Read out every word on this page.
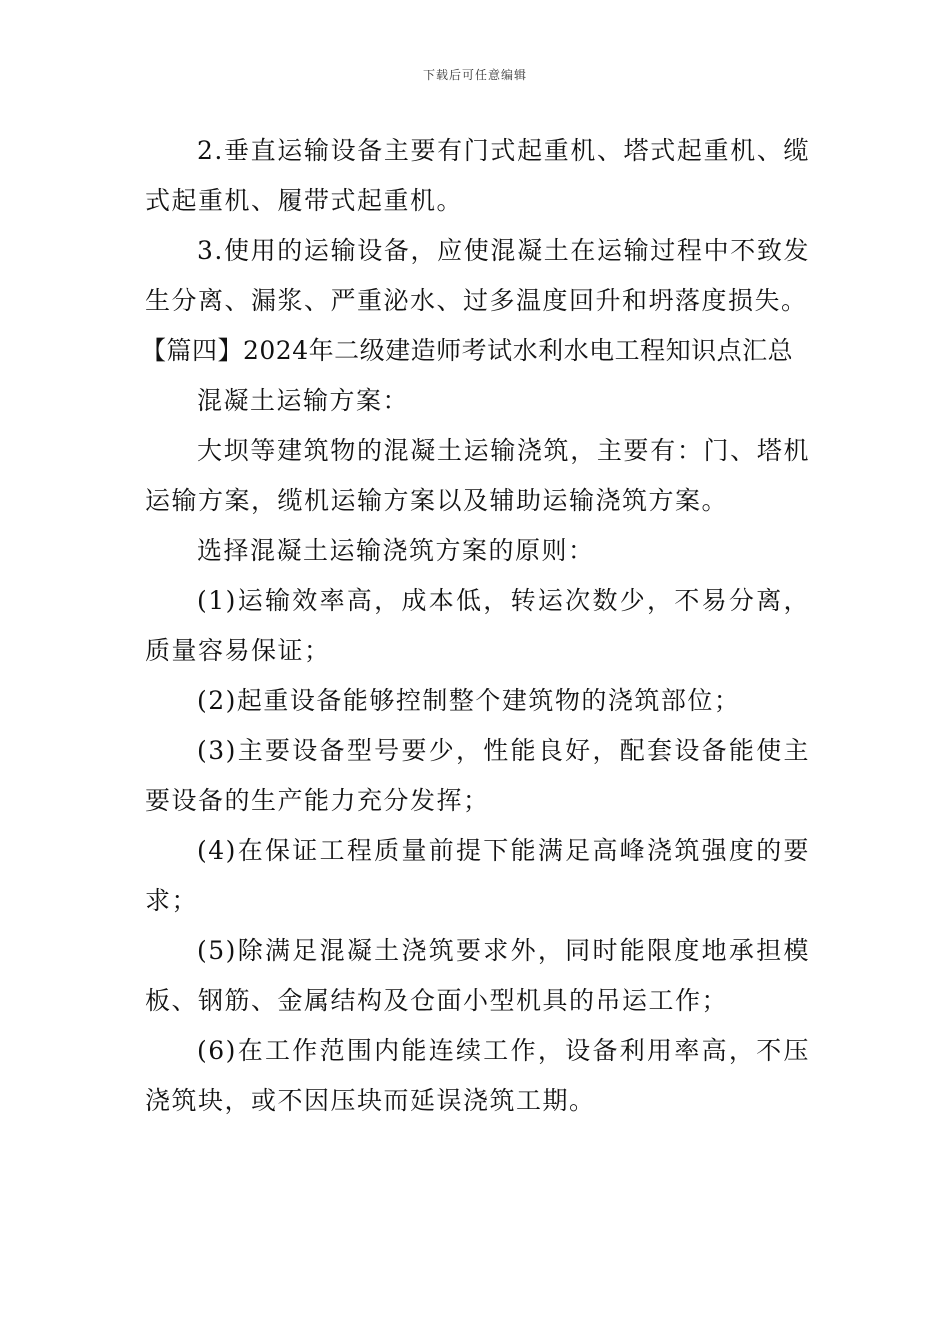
下载后可任意编辑

2.垂直运输设备主要有门式起重机、塔式起重机、缆式起重机、履带式起重机。

3.使用的运输设备，应使混凝土在运输过程中不致发生分离、漏浆、严重泌水、过多温度回升和坍落度损失。

【篇四】2024年二级建造师考试水利水电工程知识点汇总

混凝土运输方案：

大坝等建筑物的混凝土运输浇筑，主要有：门、塔机运输方案，缆机运输方案以及辅助运输浇筑方案。

选择混凝土运输浇筑方案的原则：

(1)运输效率高，成本低，转运次数少，不易分离，质量容易保证；

(2)起重设备能够控制整个建筑物的浇筑部位；

(3)主要设备型号要少，性能良好，配套设备能使主要设备的生产能力充分发挥；

(4)在保证工程质量前提下能满足高峰浇筑强度的要求；

(5)除满足混凝土浇筑要求外，同时能限度地承担模板、钢筋、金属结构及仓面小型机具的吊运工作；

(6)在工作范围内能连续工作，设备利用率高，不压浇筑块，或不因压块而延误浇筑工期。
